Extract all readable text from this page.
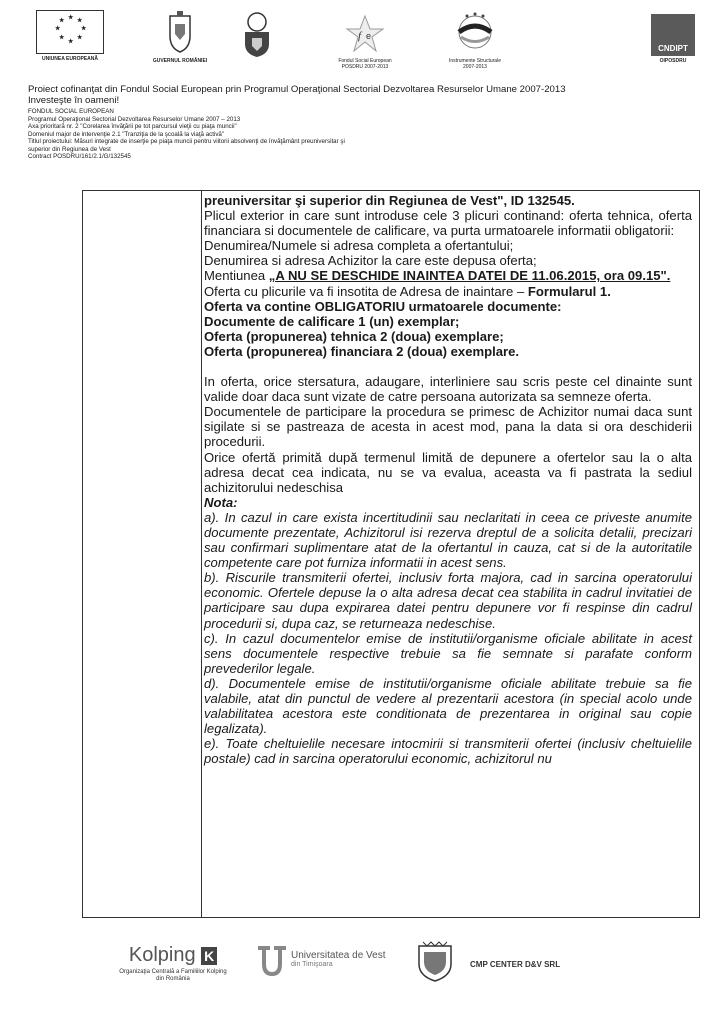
★ ★
★
★
★
★
★
★
UNIUNEA EUROPEANĂ	GUVERNUL ROMÂNIEI
f e
Fondul Social European
POSDRU 2007-2013
Instrumente Structurale
2007-2013
CNDIPT
OIPOSDRU
Proiect cofinanţat din Fondul Social European prin Programul Operaţional Sectorial Dezvoltarea Resurselor Umane 2007-2013
Investeşte în oameni!
FONDUL SOCIAL EUROPEAN
Programul Operaţional Sectorial Dezvoltarea Resurselor Umane 2007 – 2013
Axa prioritară nr. 2 "Corelarea învăţării pe tot parcursul vieţii cu piaţa muncii"
Domeniul major de intervenţie 2.1 "Tranziţia de la şcoală la viaţă activă"
Titlul proiectului: Măsuri integrate de inserţie pe piaţa muncii pentru viitorii absolvenţi de învăţământ preuniversitar şi
superior din Regiunea de Vest
Contract POSDRU/161/2.1/G/132545

preuniversitar şi superior din Regiunea de Vest", ID 132545.

Plicul exterior in care sunt introduse cele 3 plicuri continand: oferta tehnica, oferta financiara si documentele de calificare, va purta urmatoarele informatii obligatorii:

Denumirea/Numele si adresa completa a ofertantului;

Denumirea si adresa Achizitor la care este depusa oferta;

Mentiunea „A NU SE DESCHIDE INAINTEA DATEI DE 11.06.2015, ora 09.15".

Oferta cu plicurile va fi insotita de Adresa de inaintare – Formularul 1.

Oferta va contine OBLIGATORIU urmatoarele documente:

Documente de calificare 1 (un) exemplar;

Oferta (propunerea) tehnica 2 (doua) exemplare;

Oferta (propunerea) financiara 2 (doua) exemplare.

In oferta, orice stersatura, adaugare, interliniere sau scris peste cel dinainte sunt valide doar daca sunt vizate de catre persoana autorizata sa semneze oferta.

Documentele de participare la procedura se primesc de Achizitor numai daca sunt sigilate si se pastreaza de acesta in acest mod, pana la data si ora deschiderii procedurii.

Orice ofertă primită după termenul limită de depunere a ofertelor sau la o alta adresa decat cea indicata, nu se va evalua, aceasta va fi pastrata la sediul achizitorului nedeschisa

Nota:

a). In cazul in care exista incertitudinii sau neclaritati in ceea ce priveste anumite documente prezentate, Achizitorul isi rezerva dreptul de a solicita detalii, precizari sau confirmari suplimentare atat de la ofertantul in cauza, cat si de la autoritatile competente care pot furniza informatii in acest sens.

b). Riscurile transmiterii ofertei, inclusiv forta majora, cad in sarcina operatorului economic. Ofertele depuse la o alta adresa decat cea stabilita in cadrul invitatiei de participare sau dupa expirarea datei pentru depunere vor fi respinse din cadrul procedurii si, dupa caz, se returneaza nedeschise.

c). In cazul documentelor emise de institutii/organisme oficiale abilitate in acest sens documentele respective trebuie sa fie semnate si parafate conform prevederilor legale.

d). Documentele emise de institutii/organisme oficiale abilitate trebuie sa fie valabile, atat din punctul de vedere al prezentarii acestora (in special acolo unde valabilitatea acestora este conditionata de prezentarea in original sau copie legalizata).

e). Toate cheltuielile necesare intocmirii si transmiterii ofertei (inclusiv cheltuielile postale) cad in sarcina operatorului economic, achizitorul nu

Kolping K
Organizaţia Centrală a Familiilor Kolping din România
Universitatea de Vest
din Timişoara	CMP CENTER D&V SRL
